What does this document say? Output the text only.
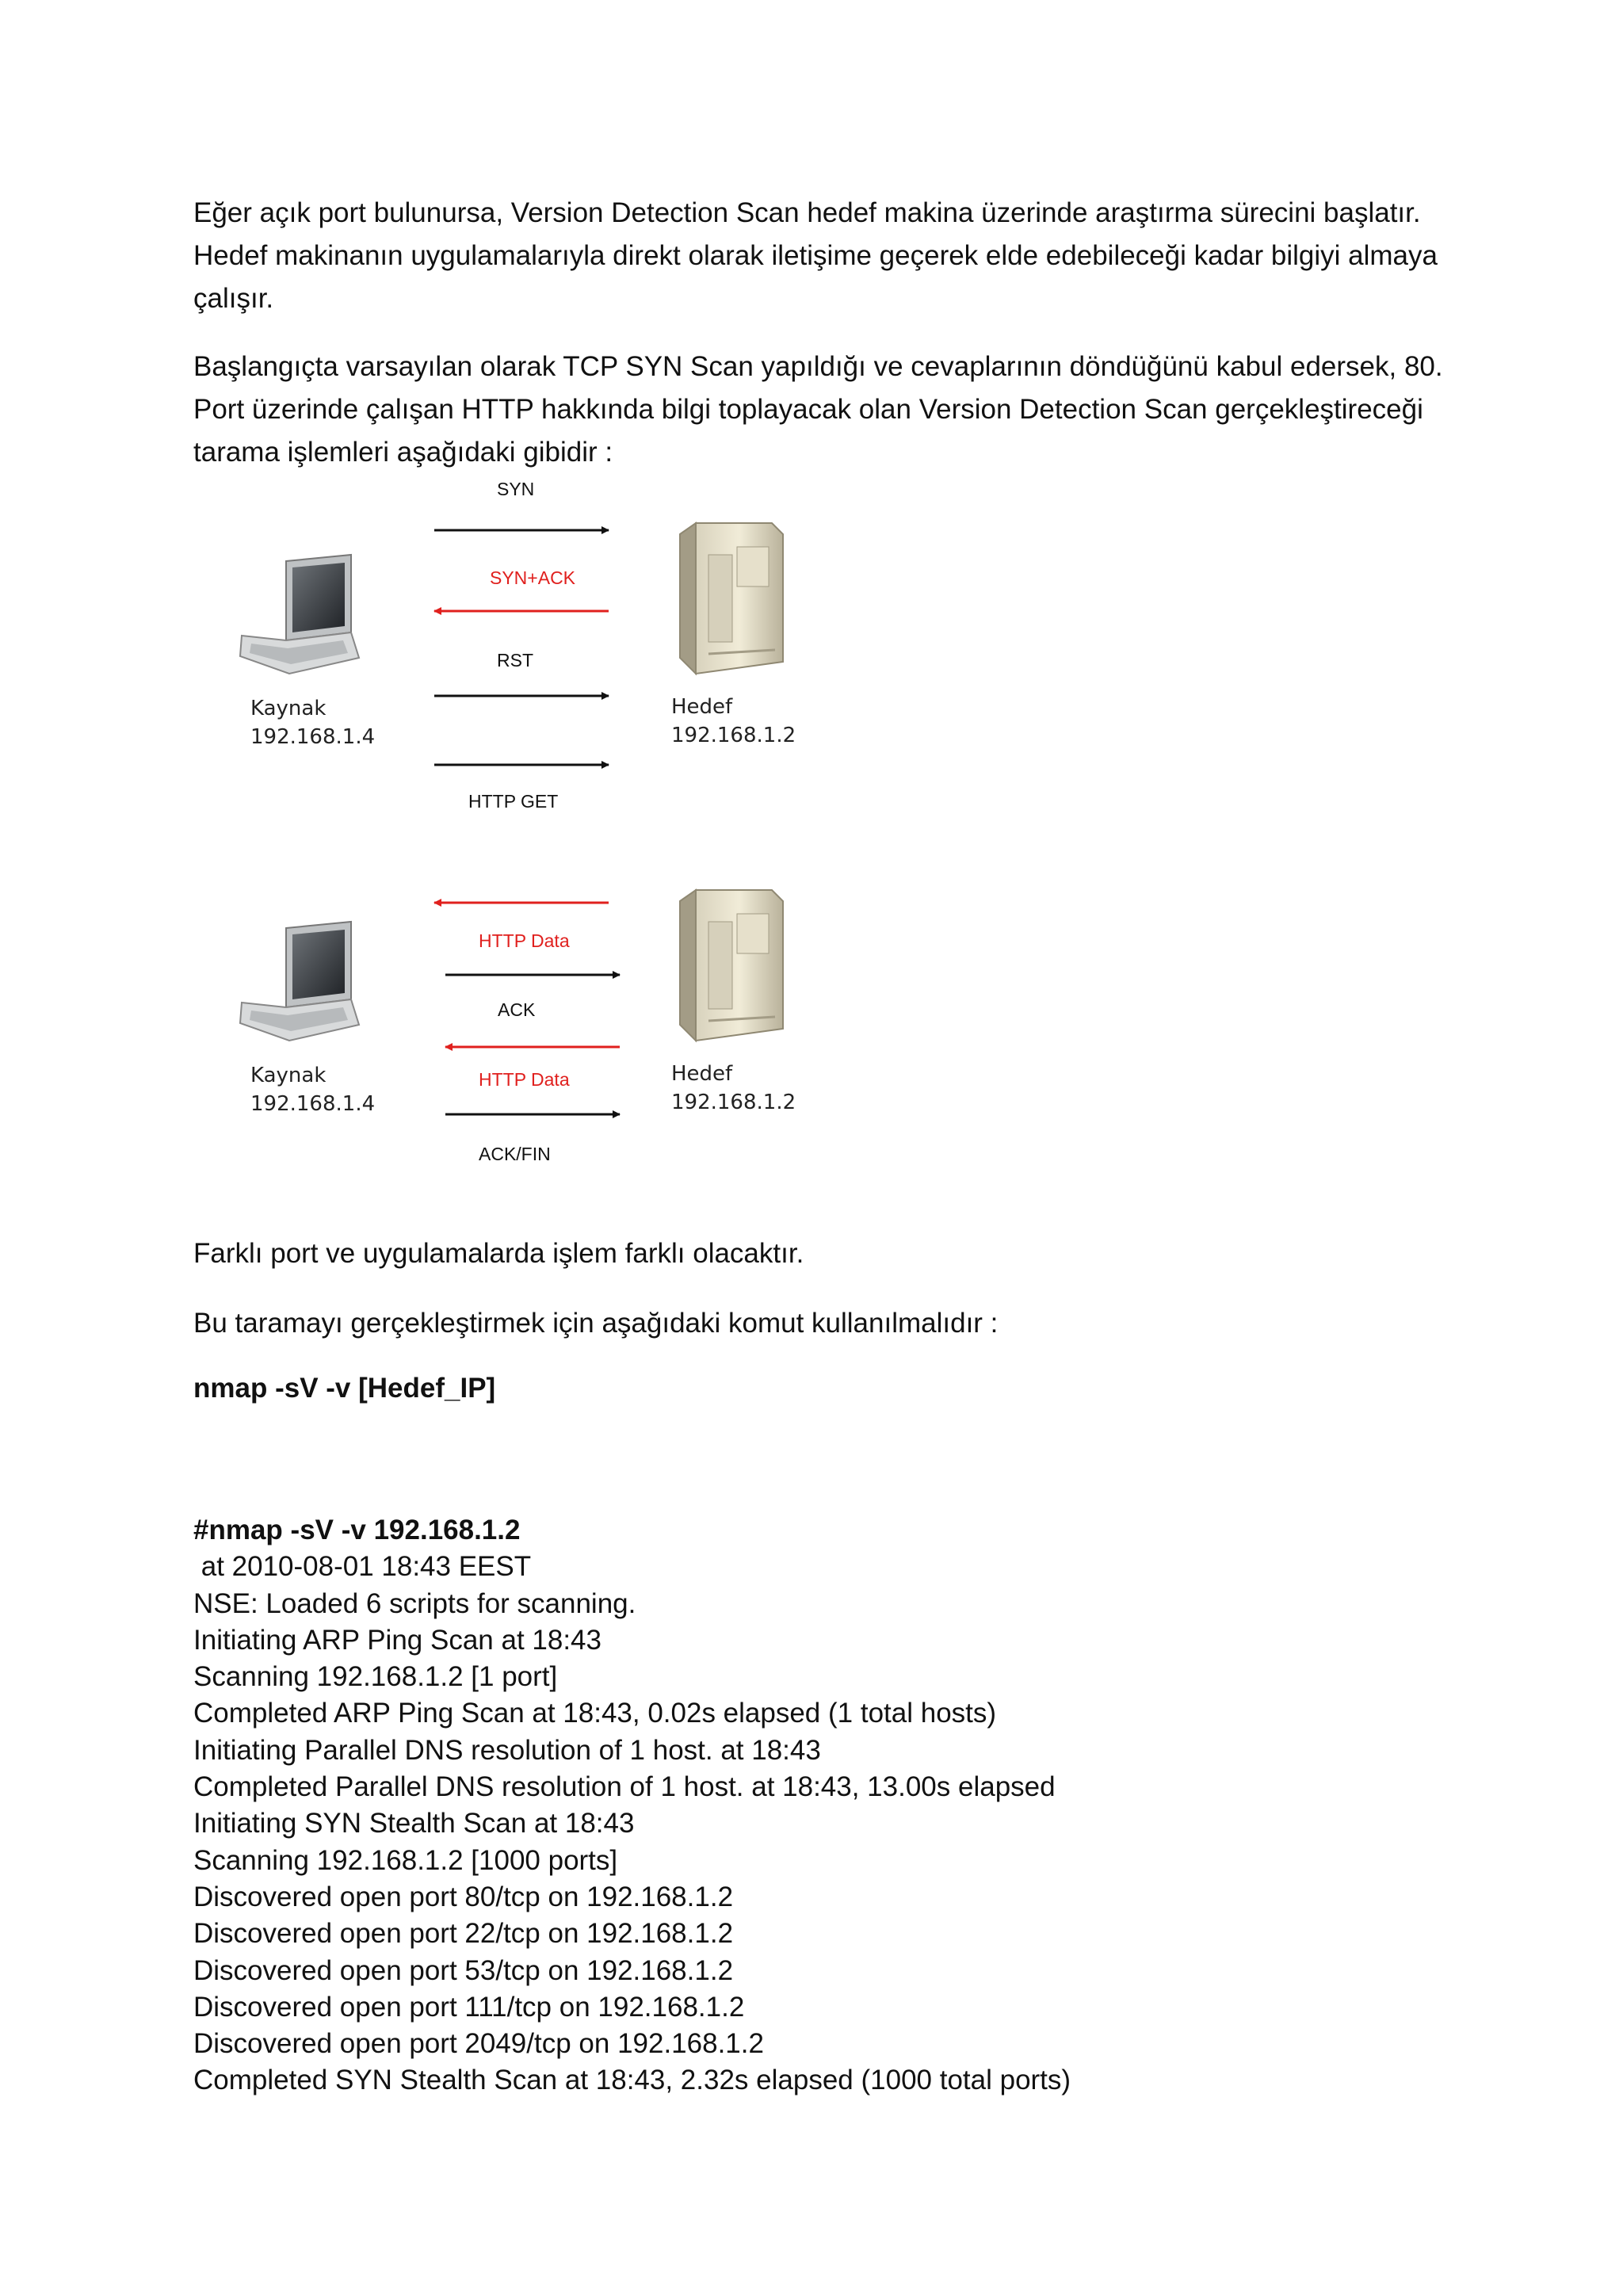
Eğer açık port bulunursa, Version Detection Scan hedef makina üzerinde araştırma sürecini başlatır. Hedef makinanın uygulamalarıyla direkt olarak iletişime geçerek elde edebileceği kadar bilgiyi almaya çalışır.

Başlangıçta varsayılan olarak TCP SYN Scan yapıldığı ve cevaplarının döndüğünü kabul edersek, 80. Port üzerinde çalışan HTTP hakkında bilgi toplayacak olan Version Detection Scan gerçekleştireceği tarama işlemleri aşağıdaki gibidir :

Kaynak
192.168.1.4
Hedef
192.168.1.2
SYN
SYN+ACK
RST
HTTP GET
Kaynak
192.168.1.4
Hedef
192.168.1.2
HTTP Data
ACK
HTTP Data
ACK/FIN

Farklı port ve uygulamalarda işlem farklı olacaktır.

Bu taramayı gerçekleştirmek için aşağıdaki komut kullanılmalıdır :

nmap -sV -v [Hedef_IP]

#nmap -sV -v 192.168.1.2
at 2010-08-01 18:43 EEST
NSE: Loaded 6 scripts for scanning.
Initiating ARP Ping Scan at 18:43
Scanning 192.168.1.2 [1 port]
Completed ARP Ping Scan at 18:43, 0.02s elapsed (1 total hosts)
Initiating Parallel DNS resolution of 1 host. at 18:43
Completed Parallel DNS resolution of 1 host. at 18:43, 13.00s elapsed
Initiating SYN Stealth Scan at 18:43
Scanning 192.168.1.2 [1000 ports]
Discovered open port 80/tcp on 192.168.1.2
Discovered open port 22/tcp on 192.168.1.2
Discovered open port 53/tcp on 192.168.1.2
Discovered open port 111/tcp on 192.168.1.2
Discovered open port 2049/tcp on 192.168.1.2
Completed SYN Stealth Scan at 18:43, 2.32s elapsed (1000 total ports)
